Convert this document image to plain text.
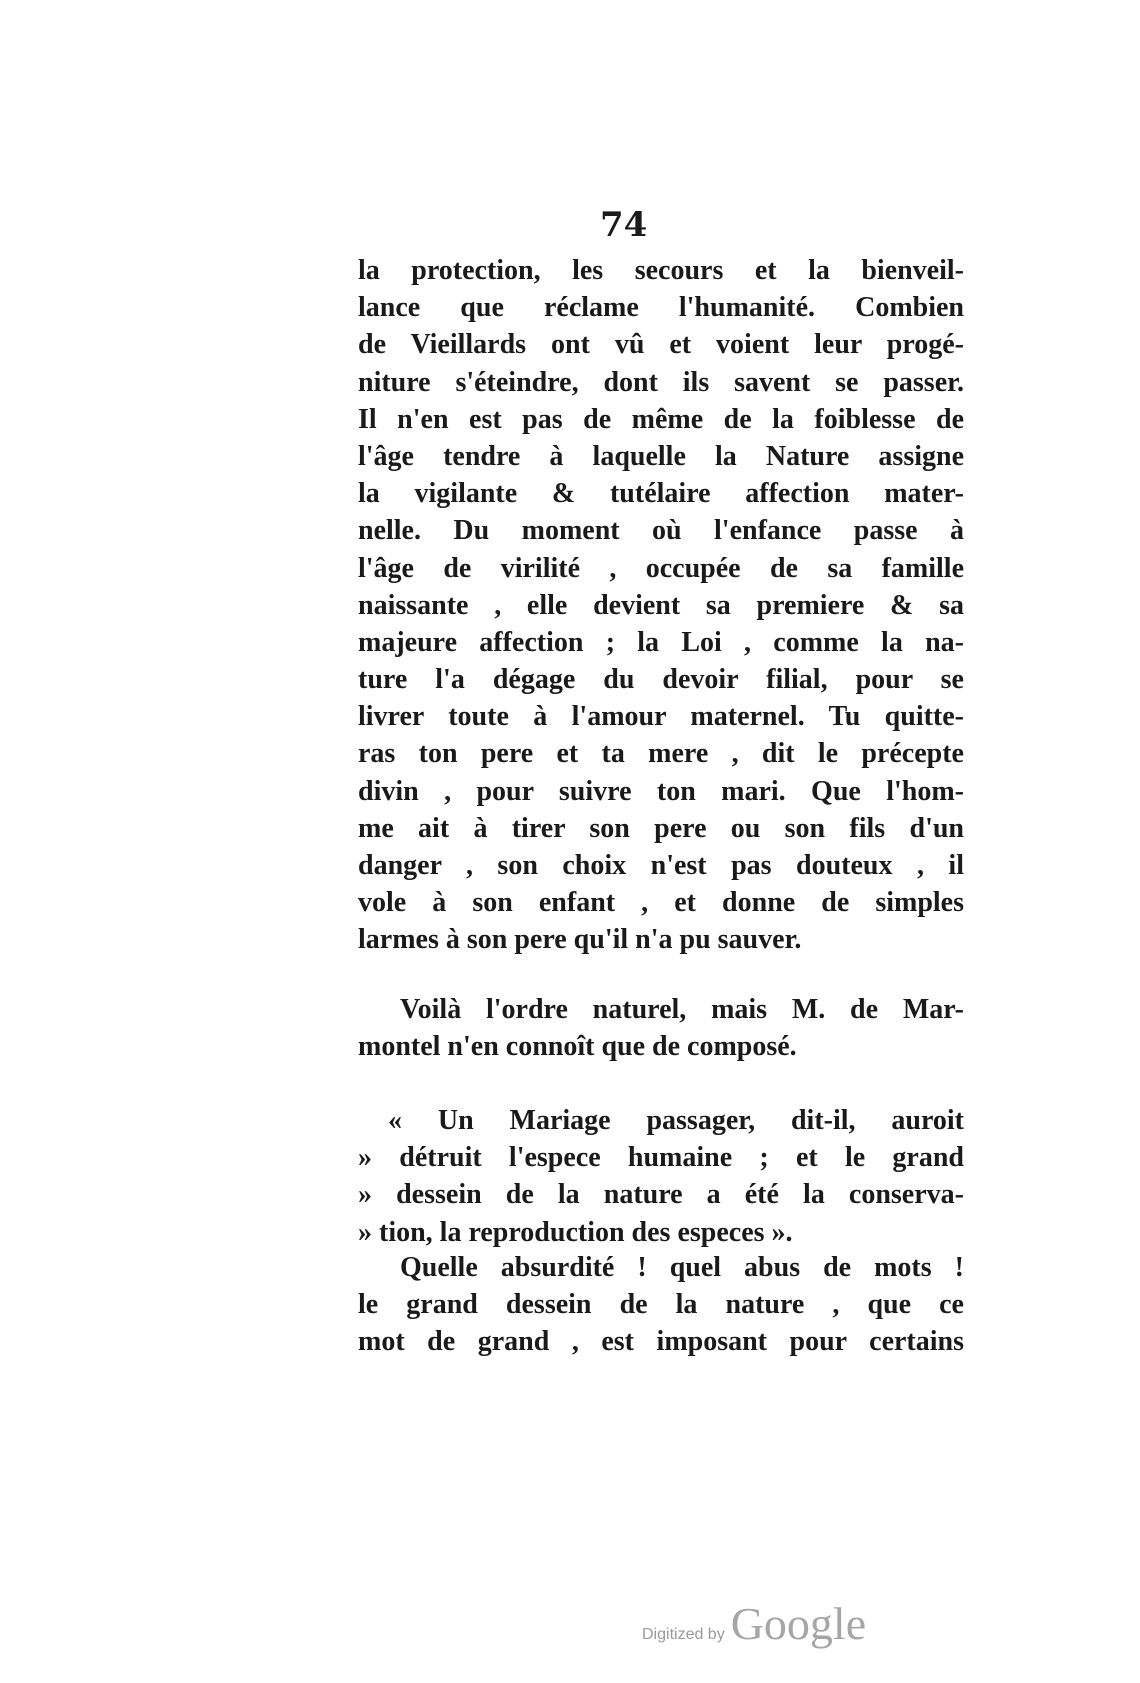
74
la protection, les secours et la bienveil-
lance que réclame l'humanité. Combien
de Vieillards ont vû et voient leur progé-
niture s'éteindre, dont ils savent se passer.
Il n'en est pas de même de la foiblesse de
l'âge tendre à laquelle la Nature assigne
la vigilante & tutélaire affection mater-
nelle. Du moment où l'enfance passe à
l'âge de virilité , occupée de sa famille
naissante , elle devient sa premiere & sa
majeure affection ; la Loi , comme la na-
ture l'a dégage du devoir filial, pour se
livrer toute à l'amour maternel. Tu quitte-
ras ton pere et ta mere , dit le précepte
divin , pour suivre ton mari. Que l'hom-
me ait à tirer son pere ou son fils d'un
danger , son choix n'est pas douteux , il
vole à son enfant , et donne de simples
larmes à son pere qu'il n'a pu sauver.
Voilà l'ordre naturel, mais M. de Mar-
montel n'en connoît que de composé.
« Un Mariage passager, dit-il, auroit
» détruit l'espece humaine ; et le grand
» dessein de la nature a été la conserva-
» tion, la reproduction des especes ».
Quelle absurdité ! quel abus de mots !
le grand dessein de la nature , que ce
mot de grand , est imposant pour certains
Digitized by Google
